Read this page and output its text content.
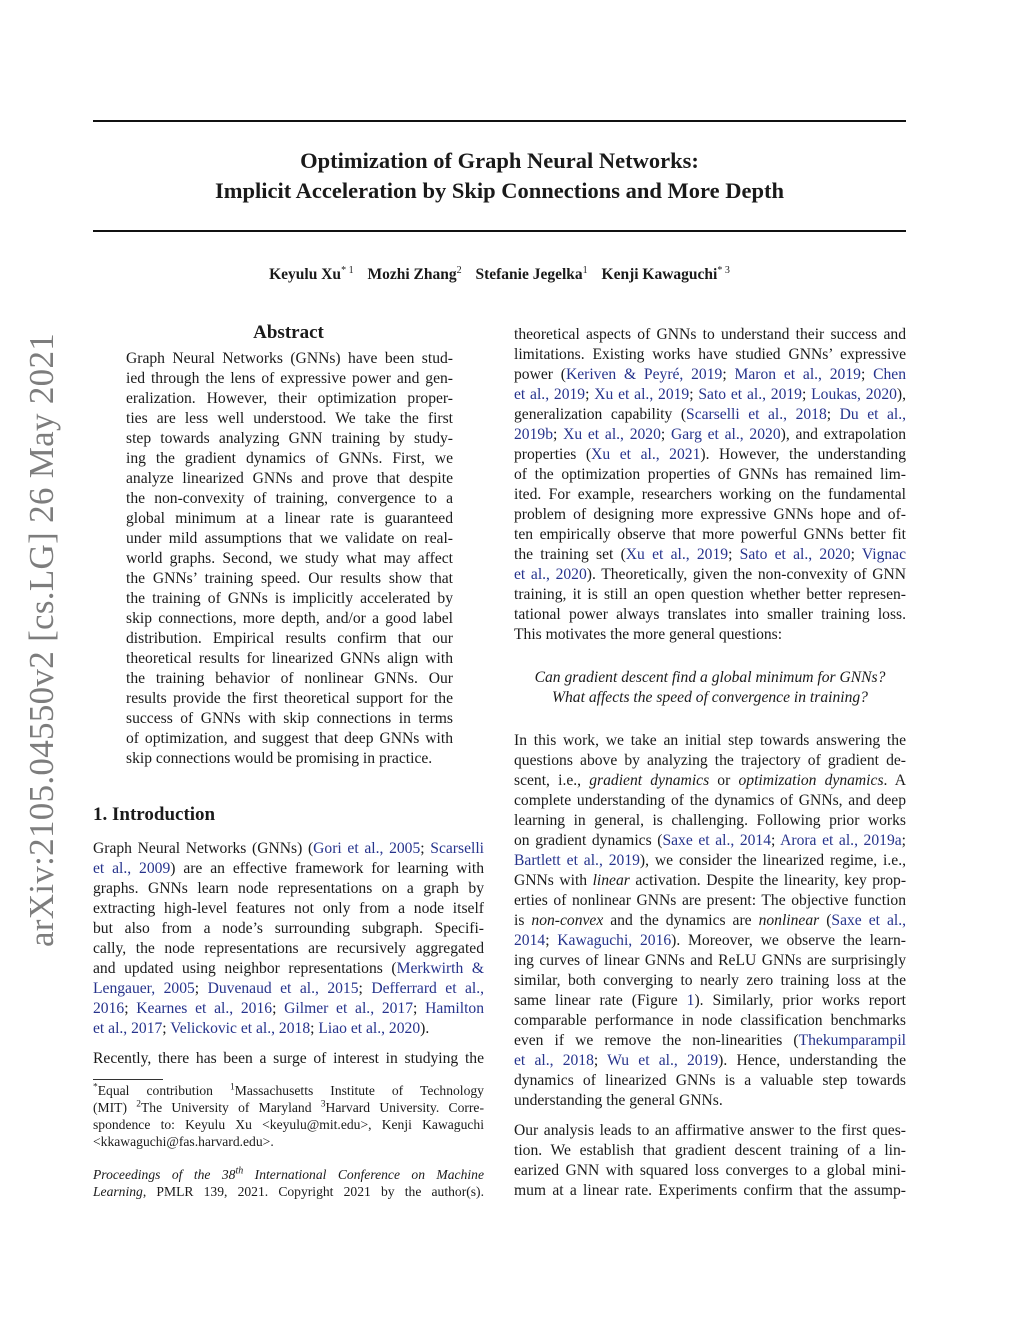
arXiv:2105.04550v2 [cs.LG] 26 May 2021
Optimization of Graph Neural Networks:
Implicit Acceleration by Skip Connections and More Depth
Keyulu Xu$^{* 1}$ Mozhi Zhang$^2$ Stefanie Jegelka$^1$ Kenji Kawaguchi$^{* 3}$
Abstract
Graph Neural Networks (GNNs) have been stud-
ied through the lens of expressive power and gen-
eralization. However, their optimization proper-
ties are less well understood. We take the first
step towards analyzing GNN training by study-
ing the gradient dynamics of GNNs. First, we
analyze linearized GNNs and prove that despite
the non-convexity of training, convergence to a
global minimum at a linear rate is guaranteed
under mild assumptions that we validate on real-
world graphs. Second, we study what may affect
the GNNs’ training speed. Our results show that
the training of GNNs is implicitly accelerated by
skip connections, more depth, and/or a good label
distribution. Empirical results confirm that our
theoretical results for linearized GNNs align with
the training behavior of nonlinear GNNs. Our
results provide the first theoretical support for the
success of GNNs with skip connections in terms
of optimization, and suggest that deep GNNs with
skip connections would be promising in practice.
1. Introduction
Graph Neural Networks (GNNs) (Gori et al., 2005; Scarselli
et al., 2009) are an effective framework for learning with
graphs. GNNs learn node representations on a graph by
extracting high-level features not only from a node itself
but also from a node’s surrounding subgraph. Specifi-
cally, the node representations are recursively aggregated
and updated using neighbor representations (Merkwirth &
Lengauer, 2005; Duvenaud et al., 2015; Defferrard et al.,
2016; Kearnes et al., 2016; Gilmer et al., 2017; Hamilton
et al., 2017; Velickovic et al., 2018; Liao et al., 2020).
Recently, there has been a surge of interest in studying the
*Equal contribution $^1$Massachusetts Institute of Technology
(MIT) $^2$The University of Maryland $^3$Harvard University. Corre-
spondence to: Keyulu Xu <keyulu@mit.edu>, Kenji Kawaguchi
<kkawaguchi@fas.harvard.edu>.
Proceedings of the 38th International Conference on Machine
Learning, PMLR 139, 2021. Copyright 2021 by the author(s).
theoretical aspects of GNNs to understand their success and
limitations. Existing works have studied GNNs’ expressive
power (Keriven & Peyré, 2019; Maron et al., 2019; Chen
et al., 2019; Xu et al., 2019; Sato et al., 2019; Loukas, 2020),
generalization capability (Scarselli et al., 2018; Du et al.,
2019b; Xu et al., 2020; Garg et al., 2020), and extrapolation
properties (Xu et al., 2021). However, the understanding
of the optimization properties of GNNs has remained lim-
ited. For example, researchers working on the fundamental
problem of designing more expressive GNNs hope and of-
ten empirically observe that more powerful GNNs better fit
the training set (Xu et al., 2019; Sato et al., 2020; Vignac
et al., 2020). Theoretically, given the non-convexity of GNN
training, it is still an open question whether better represen-
tational power always translates into smaller training loss.
This motivates the more general questions:
Can gradient descent find a global minimum for GNNs?
What affects the speed of convergence in training?
In this work, we take an initial step towards answering the
questions above by analyzing the trajectory of gradient de-
scent, i.e., gradient dynamics or optimization dynamics. A
complete understanding of the dynamics of GNNs, and deep
learning in general, is challenging. Following prior works
on gradient dynamics (Saxe et al., 2014; Arora et al., 2019a;
Bartlett et al., 2019), we consider the linearized regime, i.e.,
GNNs with linear activation. Despite the linearity, key prop-
erties of nonlinear GNNs are present: The objective function
is non-convex and the dynamics are nonlinear (Saxe et al.,
2014; Kawaguchi, 2016). Moreover, we observe the learn-
ing curves of linear GNNs and ReLU GNNs are surprisingly
similar, both converging to nearly zero training loss at the
same linear rate (Figure 1). Similarly, prior works report
comparable performance in node classification benchmarks
even if we remove the non-linearities (Thekumparampil
et al., 2018; Wu et al., 2019). Hence, understanding the
dynamics of linearized GNNs is a valuable step towards
understanding the general GNNs.
Our analysis leads to an affirmative answer to the first ques-
tion. We establish that gradient descent training of a lin-
earized GNN with squared loss converges to a global mini-
mum at a linear rate. Experiments confirm that the assump-
